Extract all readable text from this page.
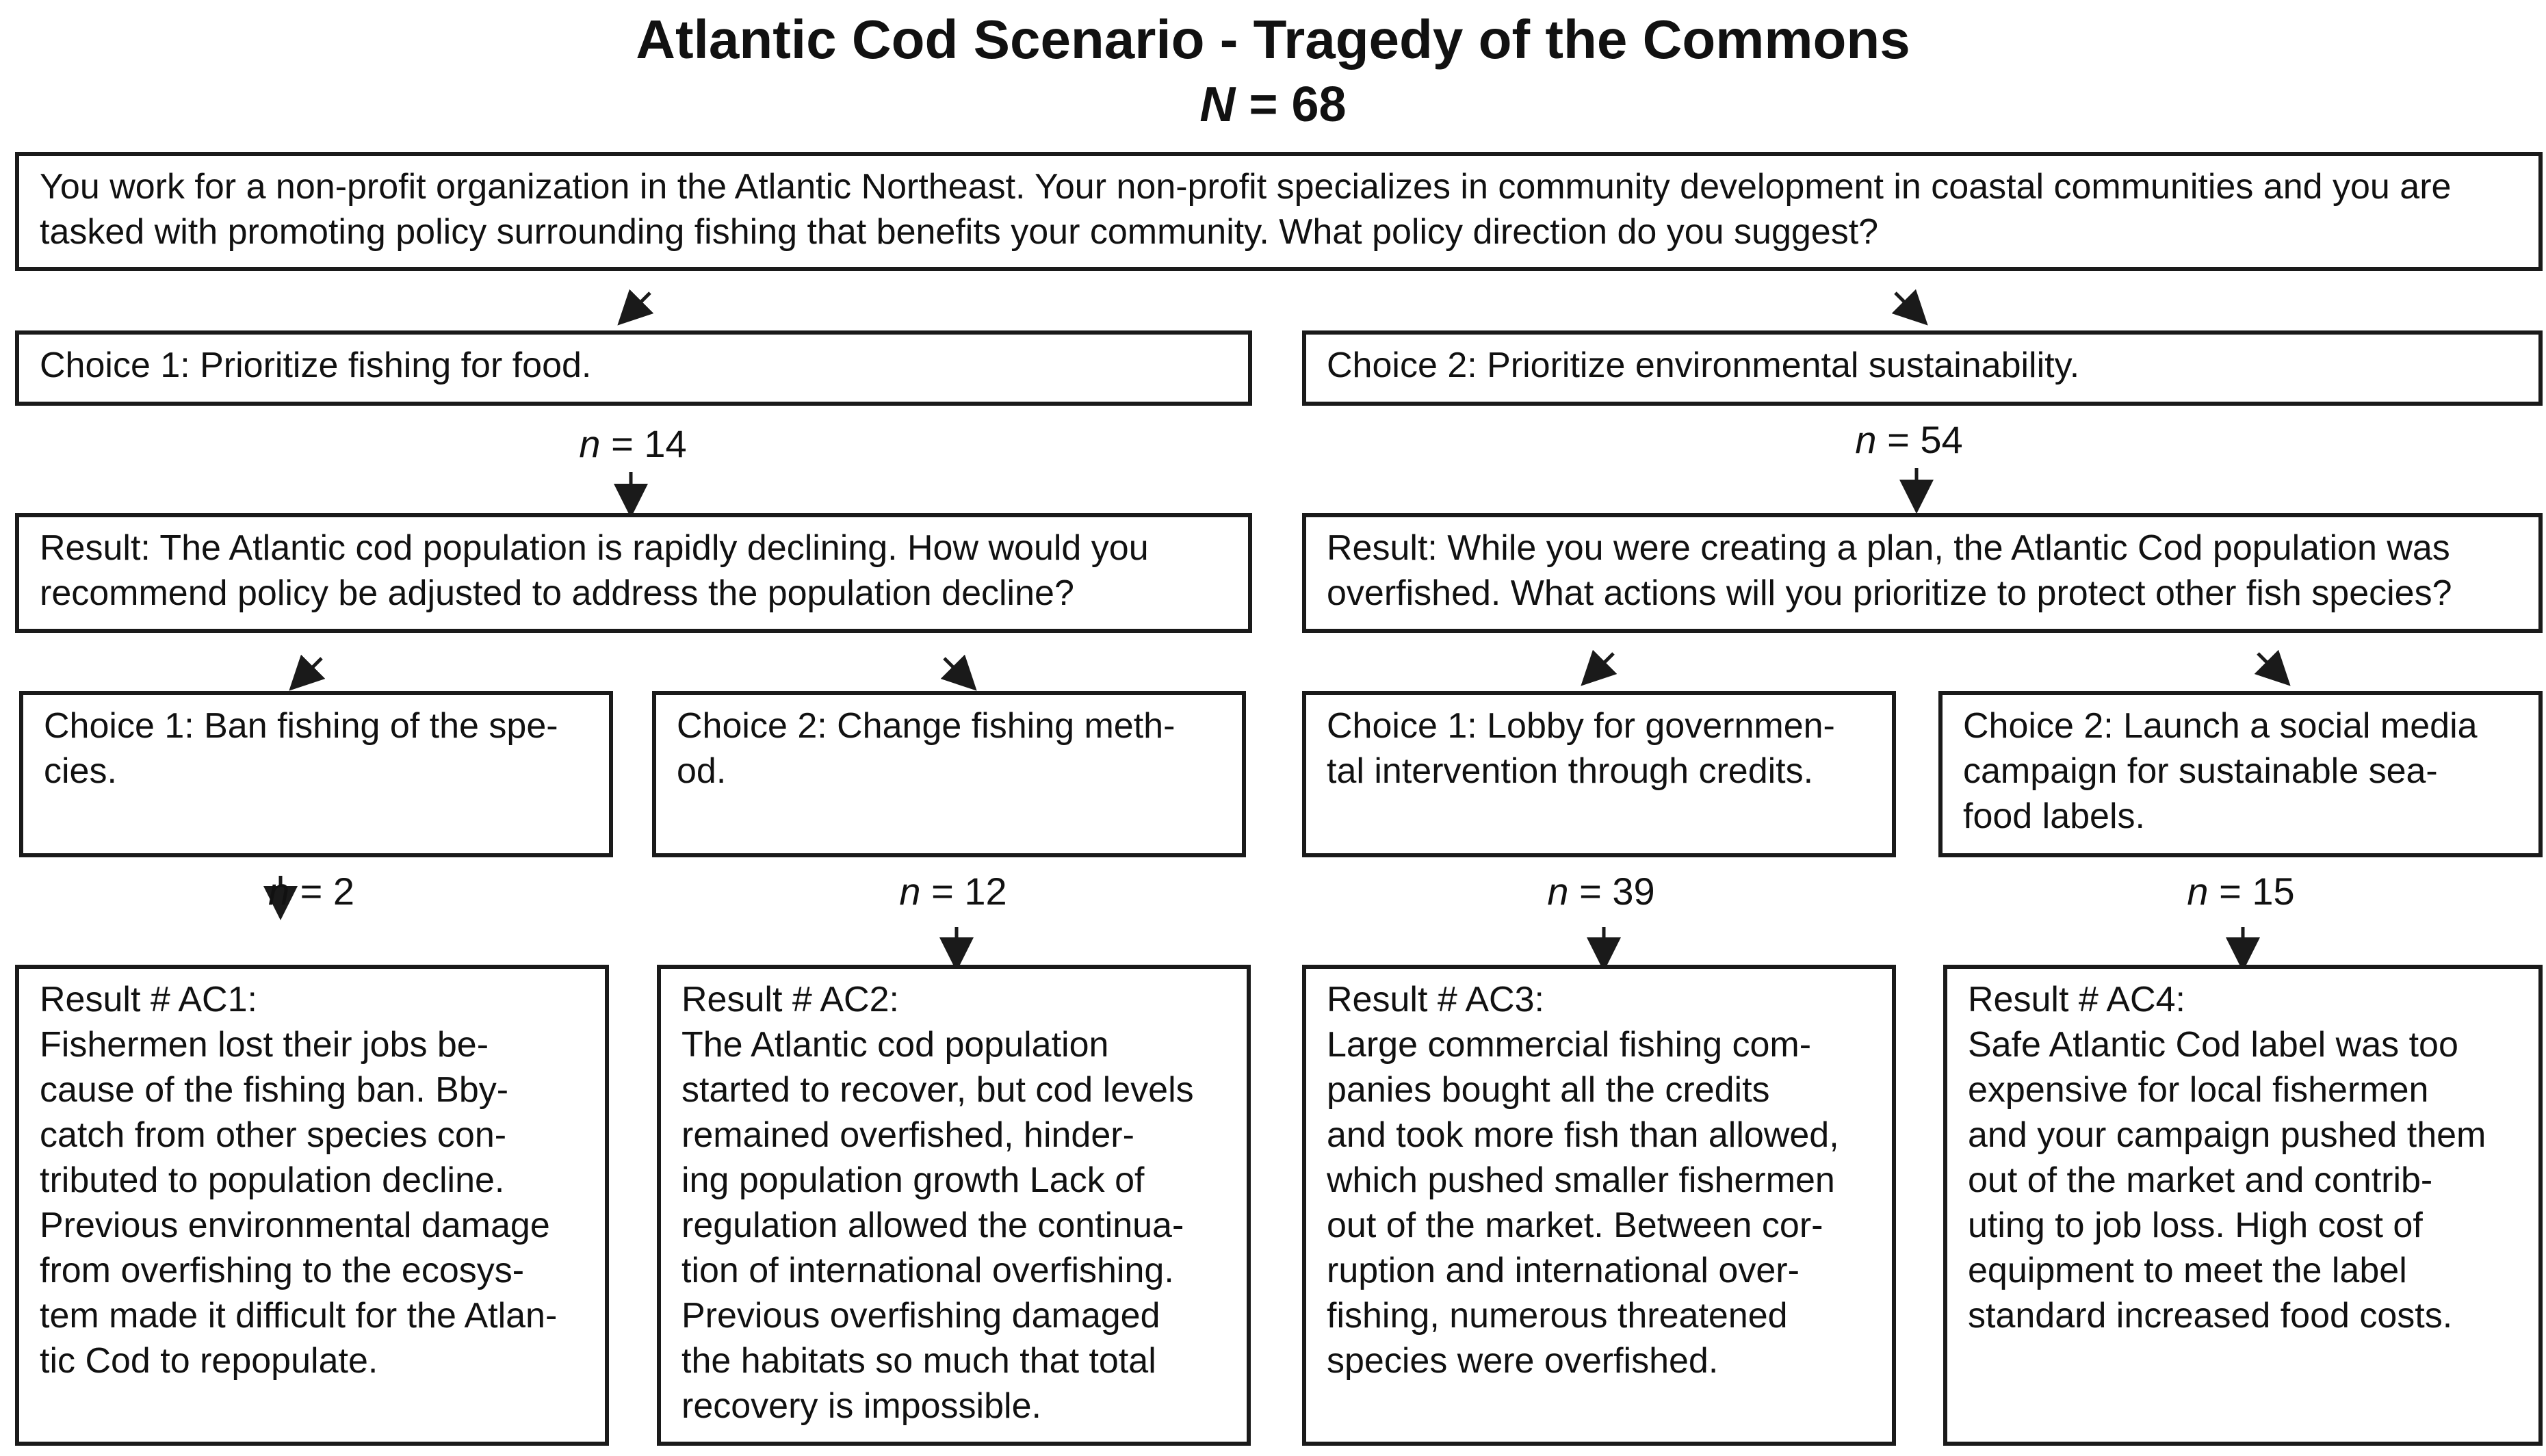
Atlantic Cod Scenario - Tragedy of the Commons
N = 68

You work for a non-profit organization in the Atlantic Northeast. Your non-profit specializes in community development in coastal communities and you are tasked with promoting policy surrounding fishing that benefits your community. What policy direction do you suggest?

Choice 1: Prioritize fishing for food.	Choice 2: Prioritize environmental sustainability.

n = 14	n = 54

Result: The Atlantic cod population is rapidly declining. How would you recommend policy be adjusted to address the population decline?

Result: While you were creating a plan, the Atlantic Cod population was overfished. What actions will you prioritize to protect other fish species?

Choice 1: Ban fishing of the spe-
cies.

Choice 2: Change fishing meth-
od.

Choice 1: Lobby for governmen-
tal intervention through credits.

Choice 2: Launch a social media
campaign for sustainable sea-
food labels.

n = 2	n = 12	n = 39	n = 15

Result # AC1:

Fishermen lost their jobs be-
cause of the fishing ban. Bby-
catch from other species con-
tributed to population decline.
Previous environmental damage
from overfishing to the ecosys-
tem made it difficult for the Atlan-
tic Cod to repopulate.

Result # AC2:

The Atlantic cod population
started to recover, but cod levels
remained overfished, hinder-
ing population growth Lack of
regulation allowed the continua-
tion of international overfishing.
Previous overfishing damaged
the habitats so much that total
recovery is impossible.

Result # AC3:

Large commercial fishing com-
panies bought all the credits
and took more fish than allowed,
which pushed smaller fishermen
out of the market. Between cor-
ruption and international over-
fishing, numerous threatened
species were overfished.

Result # AC4:

Safe Atlantic Cod label was too
expensive for local fishermen
and your campaign pushed them
out of the market and contrib-
uting to job loss. High cost of
equipment to meet the label
standard increased food costs.
